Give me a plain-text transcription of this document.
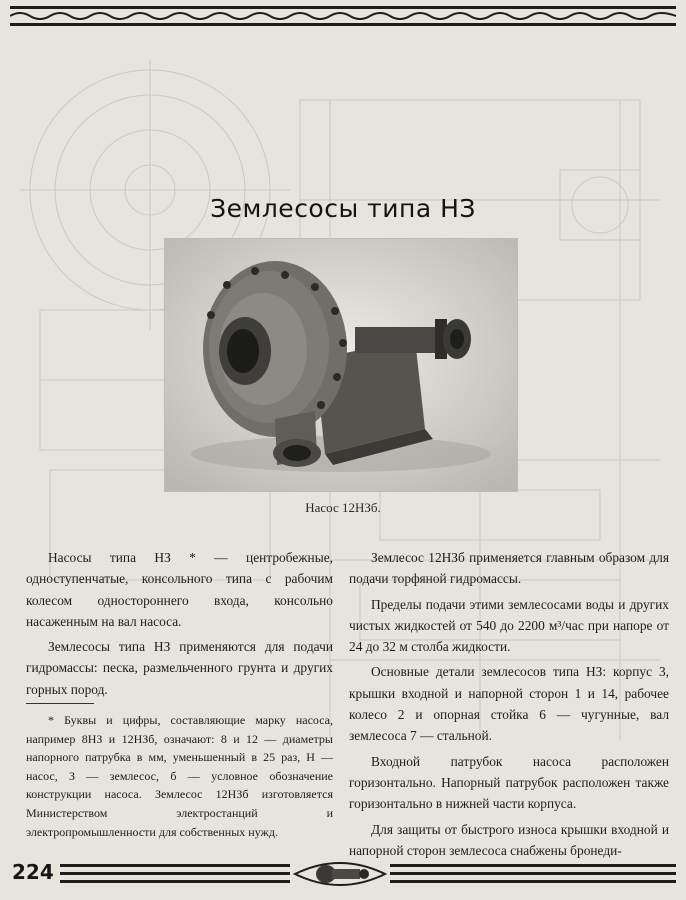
Землесосы типа НЗ
Насос 12НЗб.

Насосы типа НЗ * — центробежные, одноступенчатые, консольного типа с рабочим колесом одностороннего входа, консольно насаженным на вал насоса.

Землесосы типа НЗ применяются для подачи гидромассы: песка, размельченного грунта и других горных пород.

* Буквы и цифры, составляющие марку насоса, например 8НЗ и 12НЗб, означают: 8 и 12 — диаметры напорного патрубка в мм, уменьшенный в 25 раз, Н — насос, З — землесос, б — условное обозначение конструкции насоса. Землесос 12НЗб изготовляется Министерством электростанций и электропромышленности для собственных нужд.

Землесос 12НЗб применяется главным образом для подачи торфяной гидромассы.

Пределы подачи этими землесосами воды и других чистых жидкостей от 540 до 2200 м³/час при напоре от 24 до 32 м столба жидкости.

Основные детали землесосов типа НЗ: корпус 3, крышки входной и напорной сторон 1 и 14, рабочее колесо 2 и опорная стойка 6 — чугунные, вал землесоса 7 — стальной.

Входной патрубок насоса расположен горизонтально. Напорный патрубок расположен также горизонтально в нижней части корпуса.

Для защиты от быстрого износа крышки входной и напорной сторон землесоса снабжены бронеди-

224
